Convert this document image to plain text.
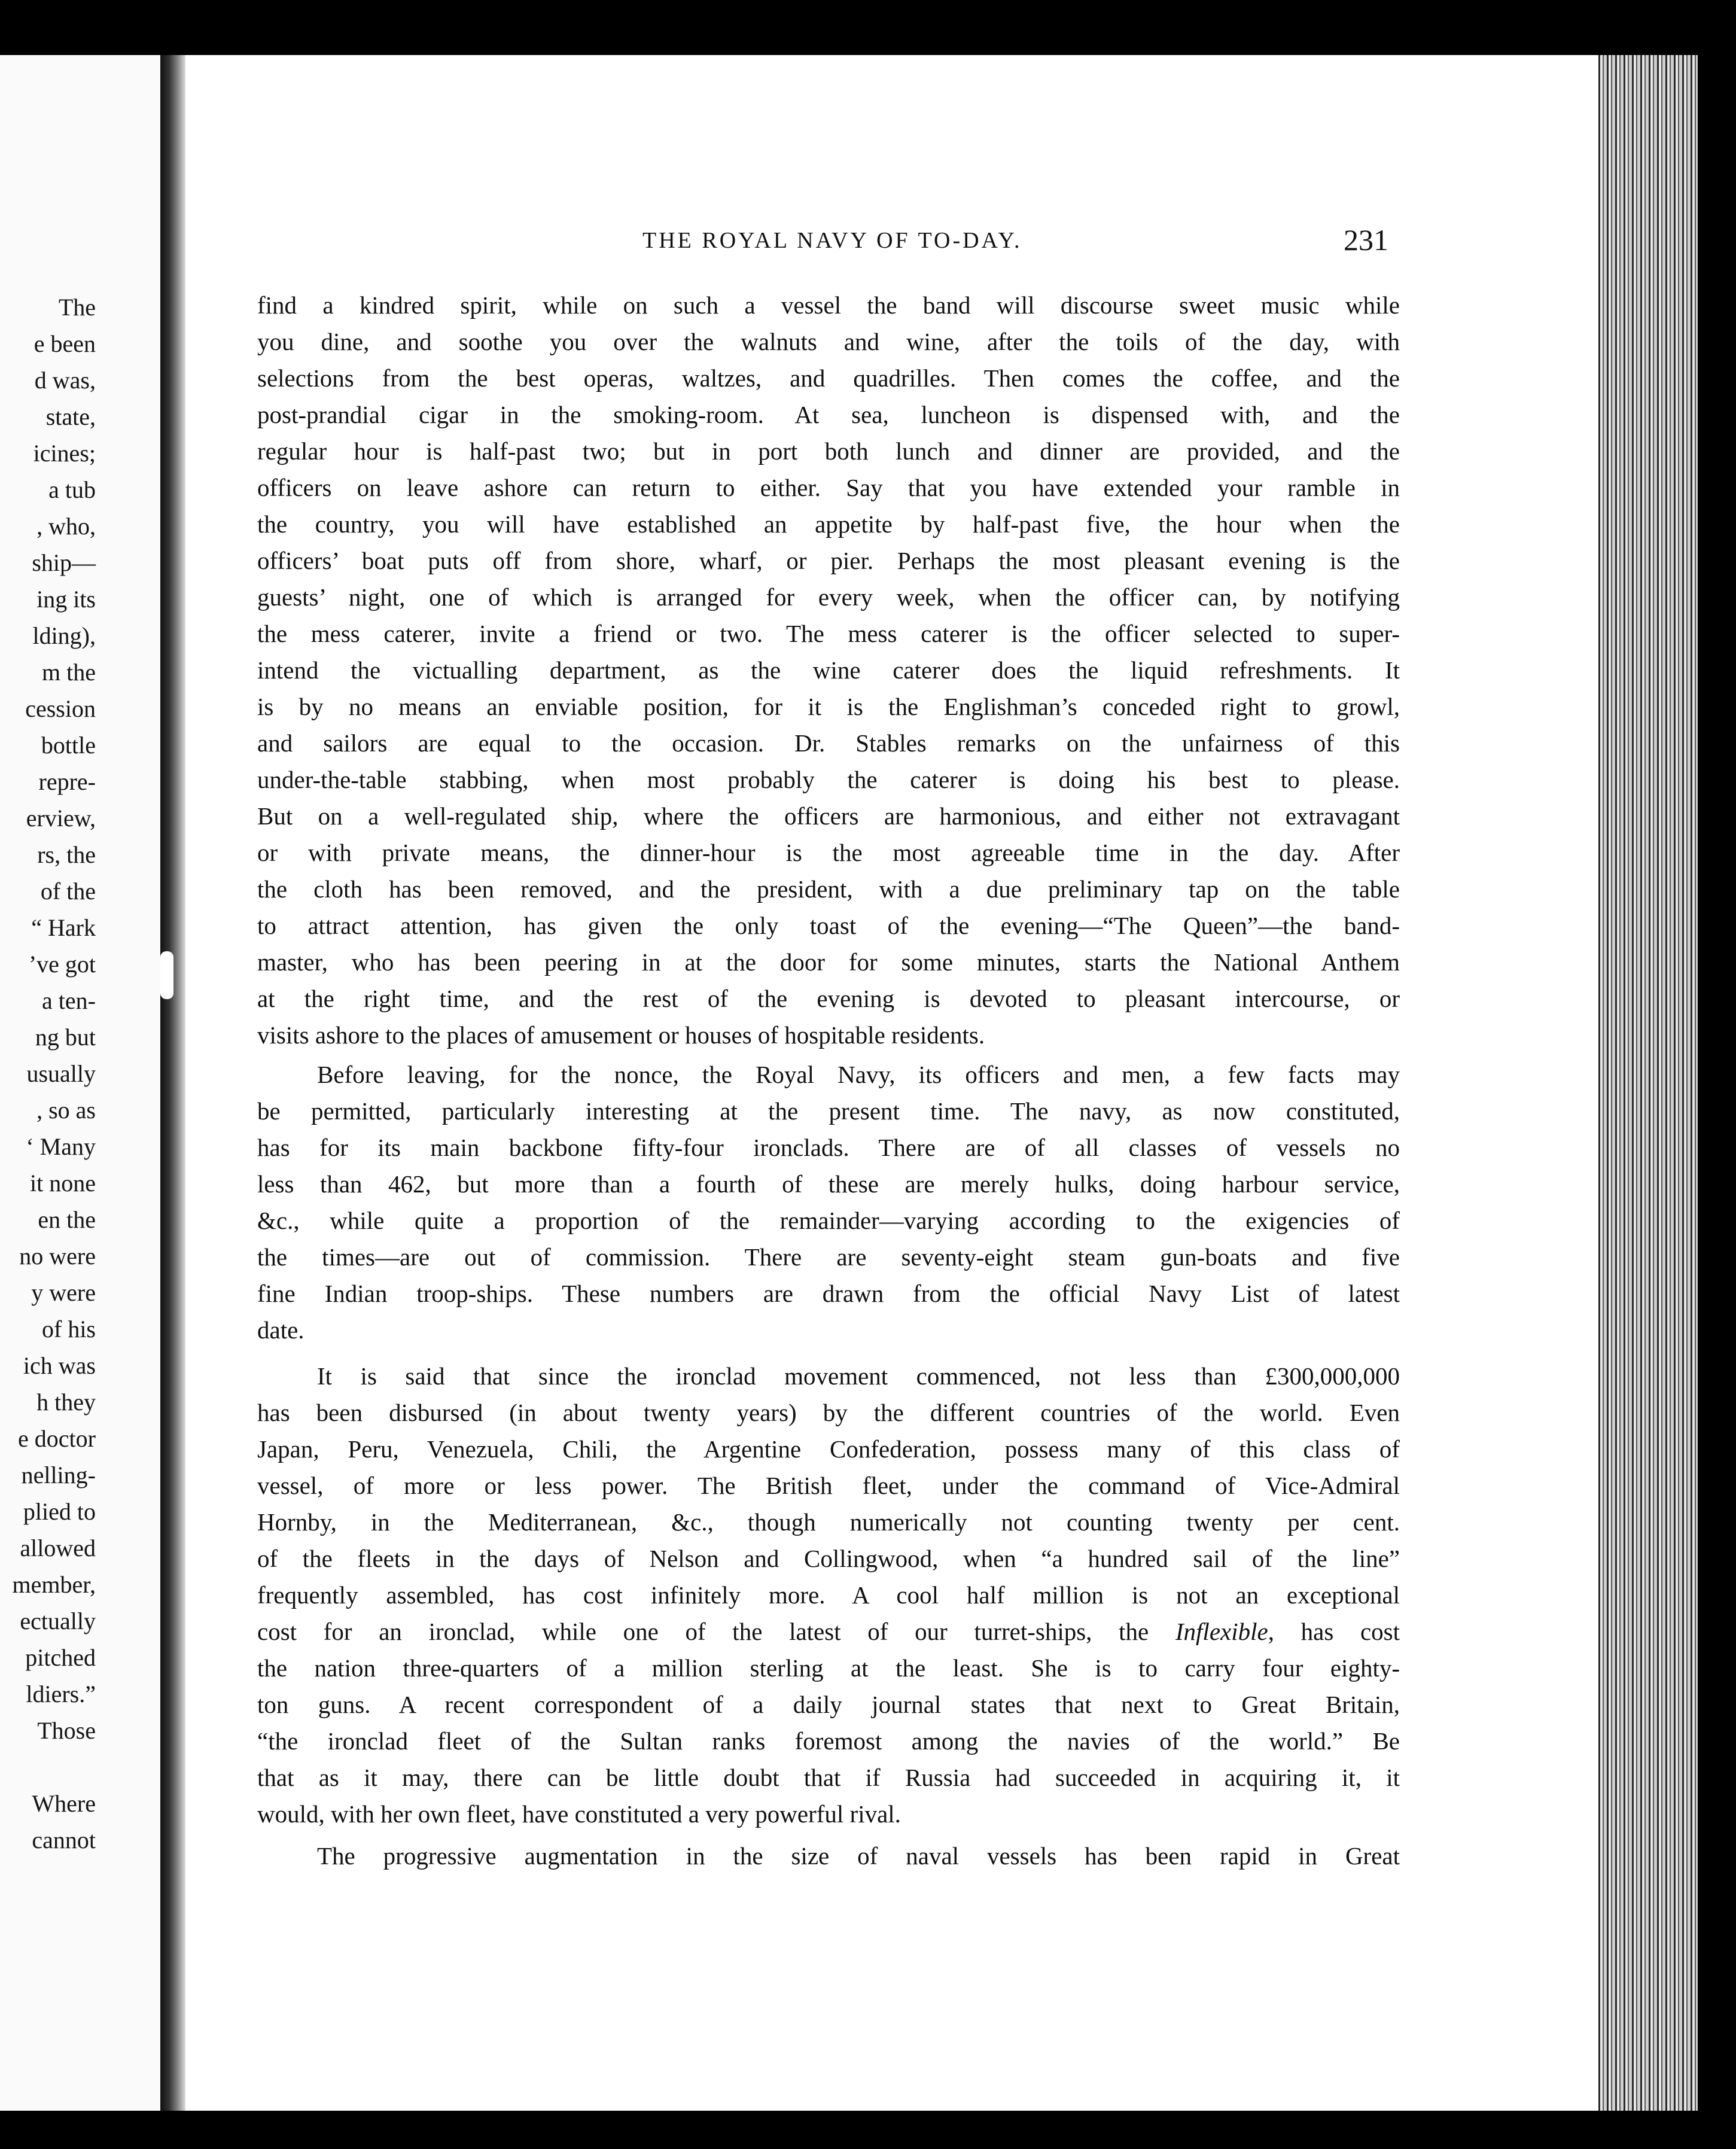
The
e been
d was,
state,
icines;
a tub
, who,
ship—
ing its
lding),
m the
cession
bottle
repre-
erview,
rs, the
of the
“ Hark
’ve got
a ten-
ng but
usually
, so as
‘ Many
it none
en the
no were
y were
of his
ich was
h they
e doctor
nelling-
plied to
allowed
member,
ectually
pitched
ldiers.”
Those
Where
cannot
THE ROYAL NAVY OF TO-DAY.	231
find a kindred spirit, while on such a vessel the band will discourse sweet music while
you dine, and soothe you over the walnuts and wine, after the toils of the day, with
selections from the best operas, waltzes, and quadrilles. Then comes the coffee, and the
post-prandial cigar in the smoking-room. At sea, luncheon is dispensed with, and the
regular hour is half-past two; but in port both lunch and dinner are provided, and the
officers on leave ashore can return to either. Say that you have extended your ramble in
the country, you will have established an appetite by half-past five, the hour when the
officers’ boat puts off from shore, wharf, or pier. Perhaps the most pleasant evening is the
guests’ night, one of which is arranged for every week, when the officer can, by notifying
the mess caterer, invite a friend or two. The mess caterer is the officer selected to super-
intend the victualling department, as the wine caterer does the liquid refreshments. It
is by no means an enviable position, for it is the Englishman’s conceded right to growl,
and sailors are equal to the occasion. Dr. Stables remarks on the unfairness of this
under-the-table stabbing, when most probably the caterer is doing his best to please.
But on a well-regulated ship, where the officers are harmonious, and either not extravagant
or with private means, the dinner-hour is the most agreeable time in the day. After
the cloth has been removed, and the president, with a due preliminary tap on the table
to attract attention, has given the only toast of the evening—“The Queen”—the band-
master, who has been peering in at the door for some minutes, starts the National Anthem
at the right time, and the rest of the evening is devoted to pleasant intercourse, or
visits ashore to the places of amusement or houses of hospitable residents.
Before leaving, for the nonce, the Royal Navy, its officers and men, a few facts may
be permitted, particularly interesting at the present time. The navy, as now constituted,
has for its main backbone fifty-four ironclads. There are of all classes of vessels no
less than 462, but more than a fourth of these are merely hulks, doing harbour service,
&c., while quite a proportion of the remainder—varying according to the exigencies of
the times—are out of commission. There are seventy-eight steam gun-boats and five
fine Indian troop-ships. These numbers are drawn from the official Navy List of latest
date.
It is said that since the ironclad movement commenced, not less than £300,000,000
has been disbursed (in about twenty years) by the different countries of the world. Even
Japan, Peru, Venezuela, Chili, the Argentine Confederation, possess many of this class of
vessel, of more or less power. The British fleet, under the command of Vice-Admiral
Hornby, in the Mediterranean, &c., though numerically not counting twenty per cent.
of the fleets in the days of Nelson and Collingwood, when “a hundred sail of the line”
frequently assembled, has cost infinitely more. A cool half million is not an exceptional
cost for an ironclad, while one of the latest of our turret-ships, the Inflexible, has cost
the nation three-quarters of a million sterling at the least. She is to carry four eighty-
ton guns. A recent correspondent of a daily journal states that next to Great Britain,
“the ironclad fleet of the Sultan ranks foremost among the navies of the world.” Be
that as it may, there can be little doubt that if Russia had succeeded in acquiring it, it
would, with her own fleet, have constituted a very powerful rival.
The progressive augmentation in the size of naval vessels has been rapid in Great
